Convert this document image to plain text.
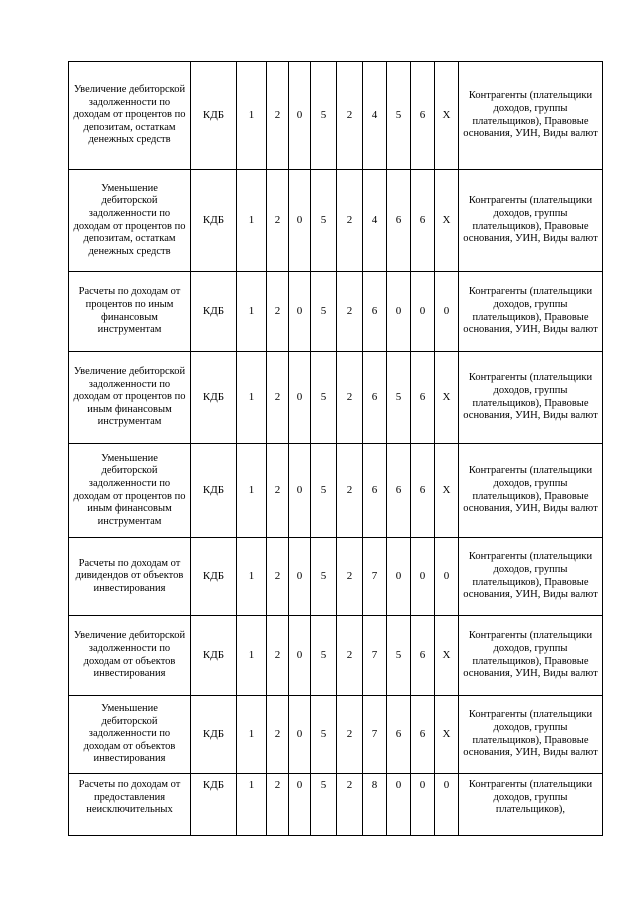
Увеличение дебиторской задолженности по доходам от процентов по депозитам, остаткам денежных средств	КДБ	1	2	0	5	2	4	5	6	Х	Контрагенты (плательщики доходов, группы плательщиков), Правовые основания, УИН, Виды валют
Уменьшение дебиторской задолженности по доходам от процентов по депозитам, остаткам денежных средств	КДБ	1	2	0	5	2	4	6	6	Х	Контрагенты (плательщики доходов, группы плательщиков), Правовые основания, УИН, Виды валют
Расчеты по доходам от процентов по иным финансовым инструментам	КДБ	1	2	0	5	2	6	0	0	0	Контрагенты (плательщики доходов, группы плательщиков), Правовые основания, УИН, Виды валют
Увеличение дебиторской задолженности по доходам от процентов по иным финансовым инструментам	КДБ	1	2	0	5	2	6	5	6	Х	Контрагенты (плательщики доходов, группы плательщиков), Правовые основания, УИН, Виды валют
Уменьшение дебиторской задолженности по доходам от процентов по иным финансовым инструментам	КДБ	1	2	0	5	2	6	6	6	Х	Контрагенты (плательщики доходов, группы плательщиков), Правовые основания, УИН, Виды валют
Расчеты по доходам от дивидендов от объектов инвестирования	КДБ	1	2	0	5	2	7	0	0	0	Контрагенты (плательщики доходов, группы плательщиков), Правовые основания, УИН, Виды валют
Увеличение дебиторской задолженности по доходам от объектов инвестирования	КДБ	1	2	0	5	2	7	5	6	Х	Контрагенты (плательщики доходов, группы плательщиков), Правовые основания, УИН, Виды валют
Уменьшение дебиторской задолженности по доходам от объектов инвестирования	КДБ	1	2	0	5	2	7	6	6	Х	Контрагенты (плательщики доходов, группы плательщиков), Правовые основания, УИН, Виды валют
Расчеты по доходам от предоставления неисключительных	КДБ	1	2	0	5	2	8	0	0	0	Контрагенты (плательщики доходов, группы плательщиков),
